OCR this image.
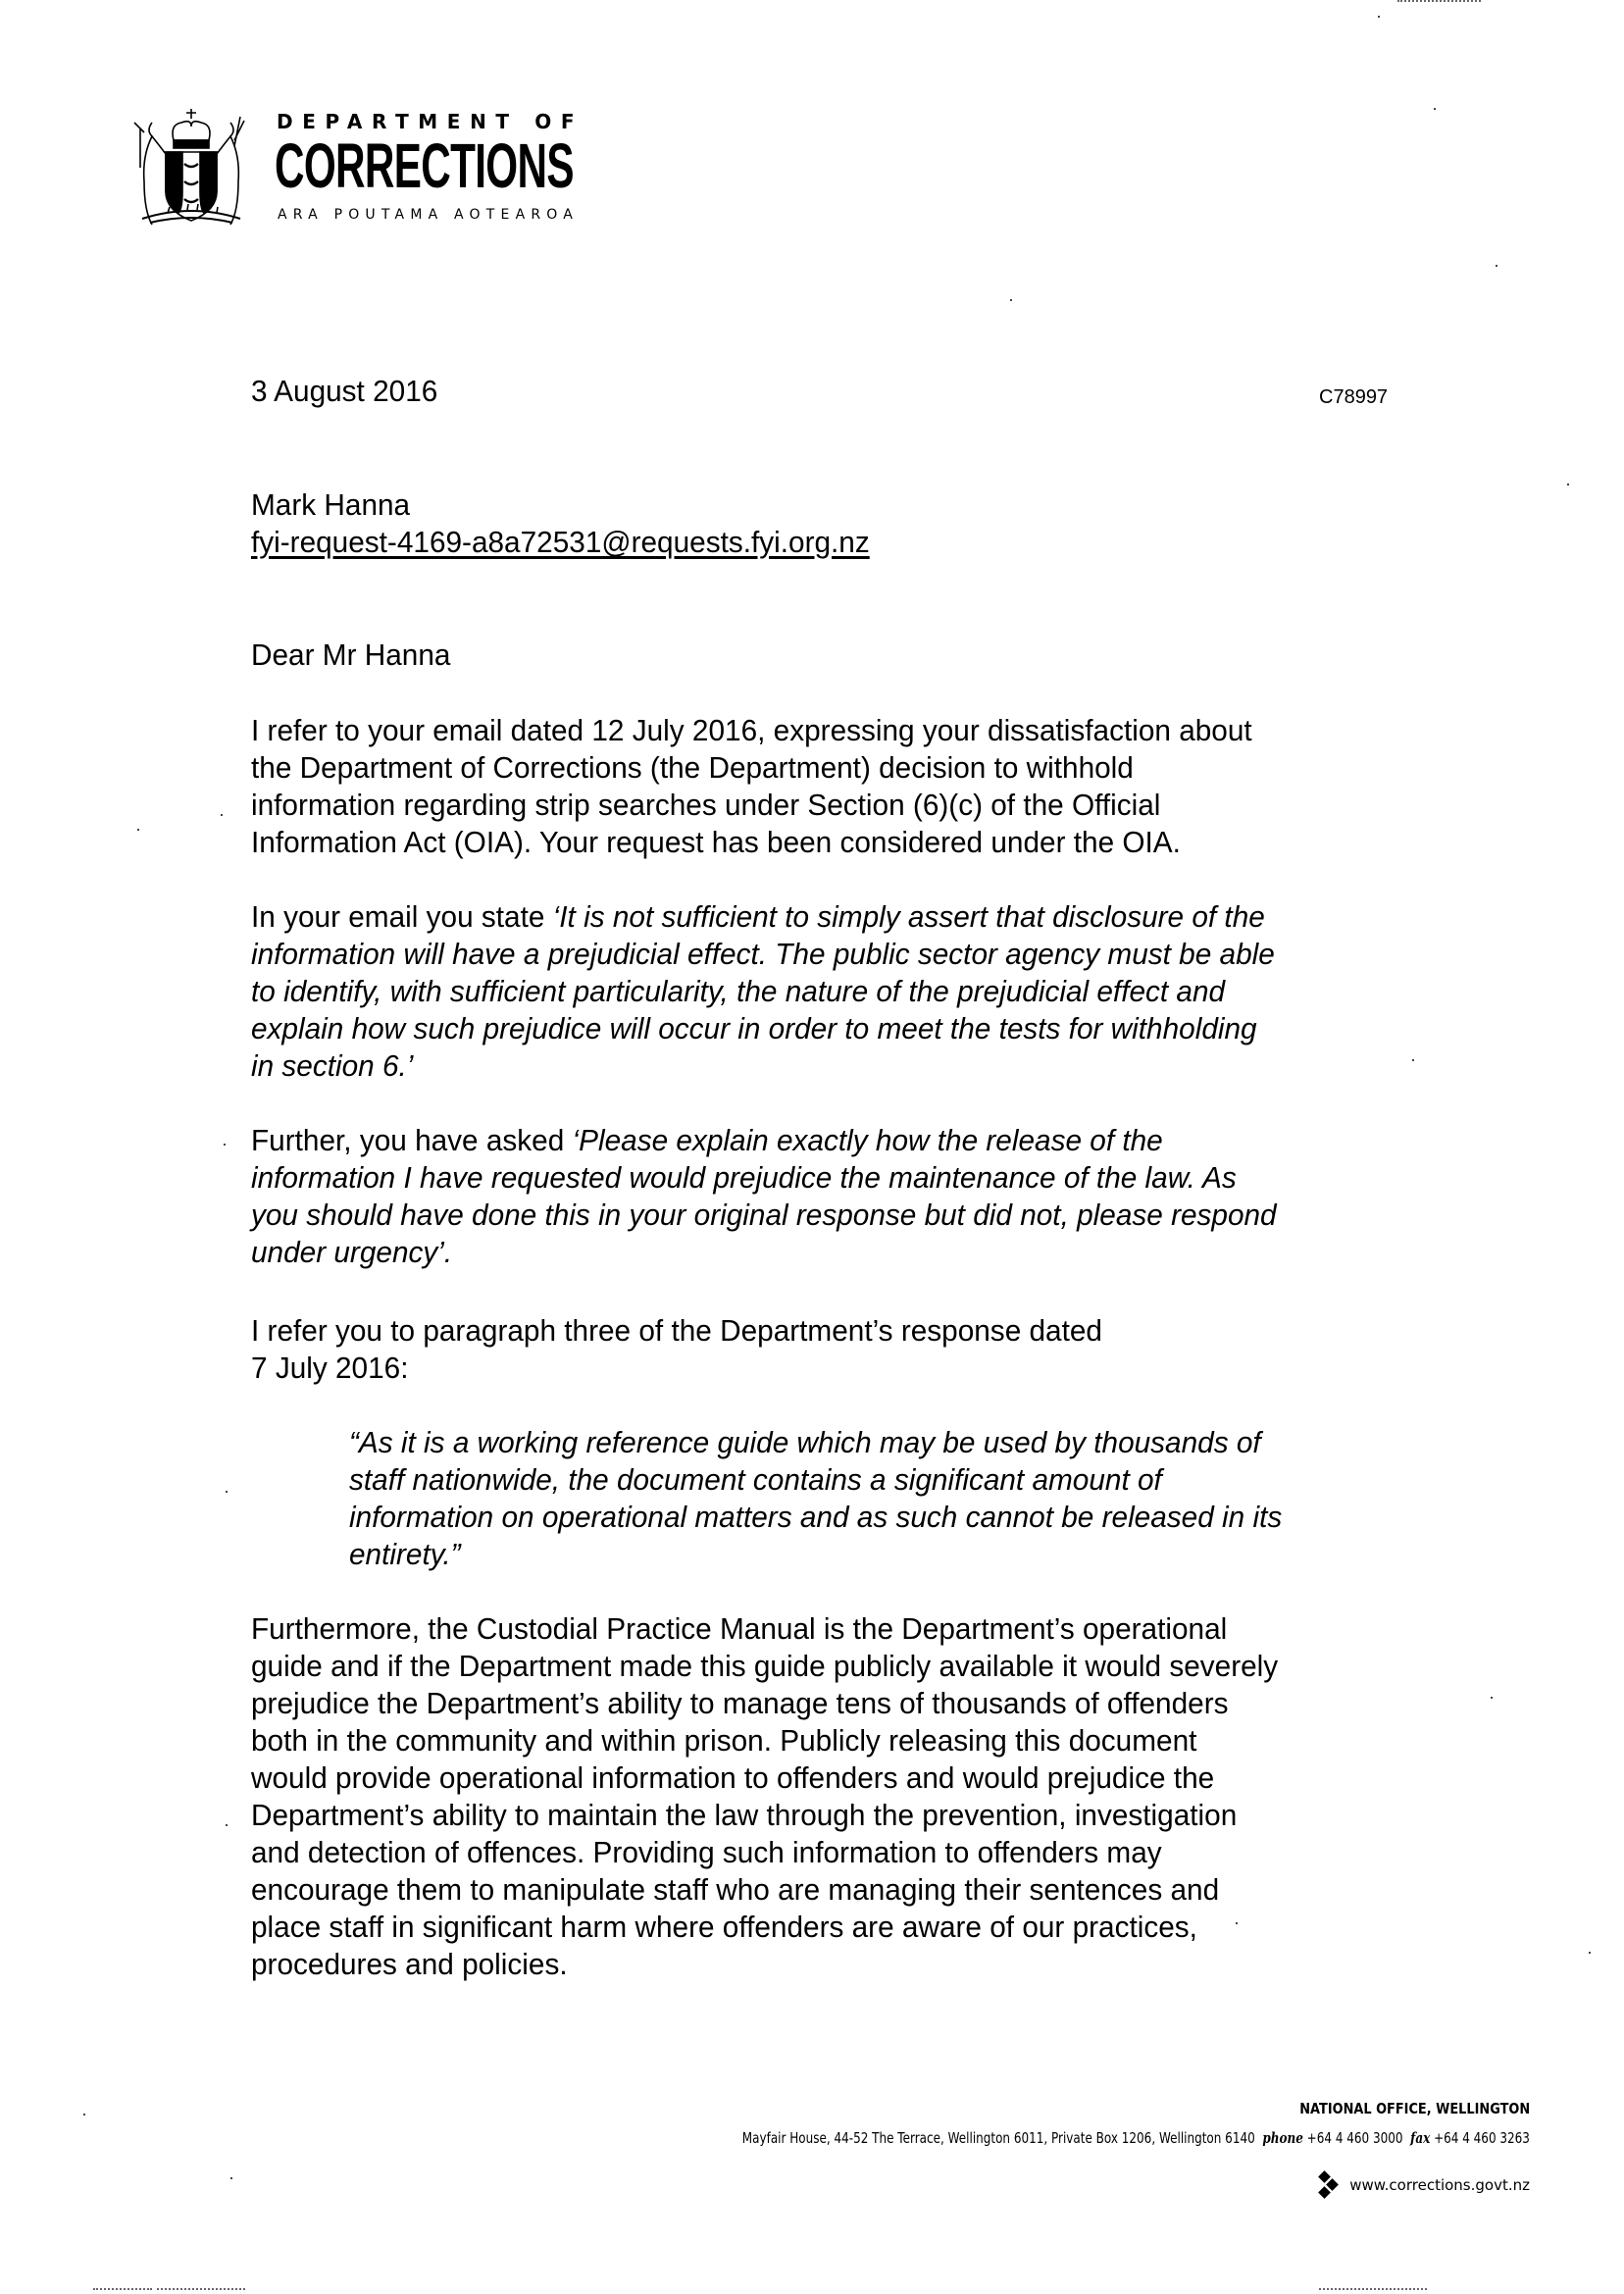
DEPARTMENT OF
CORRECTIONS
ARA POUTAMA AOTEAROA
3 August 2016	C78997
Mark Hanna
fyi-request-4169-a8a72531@requests.fyi.org.nz
Dear Mr Hanna
I refer to your email dated 12 July 2016, expressing your dissatisfaction about
the Department of Corrections (the Department) decision to withhold
information regarding strip searches under Section (6)(c) of the Official
Information Act (OIA). Your request has been considered under the OIA.
In your email you state ‘It is not sufficient to simply assert that disclosure of the
information will have a prejudicial effect. The public sector agency must be able
to identify, with sufficient particularity, the nature of the prejudicial effect and
explain how such prejudice will occur in order to meet the tests for withholding
in section 6.’
Further, you have asked ‘Please explain exactly how the release of the
information I have requested would prejudice the maintenance of the law. As
you should have done this in your original response but did not, please respond
under urgency’.
I refer you to paragraph three of the Department’s response dated
7 July 2016:
“As it is a working reference guide which may be used by thousands of
staff nationwide, the document contains a significant amount of
information on operational matters and as such cannot be released in its
entirety.”
Furthermore, the Custodial Practice Manual is the Department’s operational
guide and if the Department made this guide publicly available it would severely
prejudice the Department’s ability to manage tens of thousands of offenders
both in the community and within prison. Publicly releasing this document
would provide operational information to offenders and would prejudice the
Department’s ability to maintain the law through the prevention, investigation
and detection of offences. Providing such information to offenders may
encourage them to manipulate staff who are managing their sentences and
place staff in significant harm where offenders are aware of our practices,
procedures and policies.
NATIONAL OFFICE, WELLINGTON
Mayfair House, 44-52 The Terrace, Wellington 6011, Private Box 1206, Wellington 6140 phone +64 4 460 3000 fax +64 4 460 3263
www.corrections.govt.nz
